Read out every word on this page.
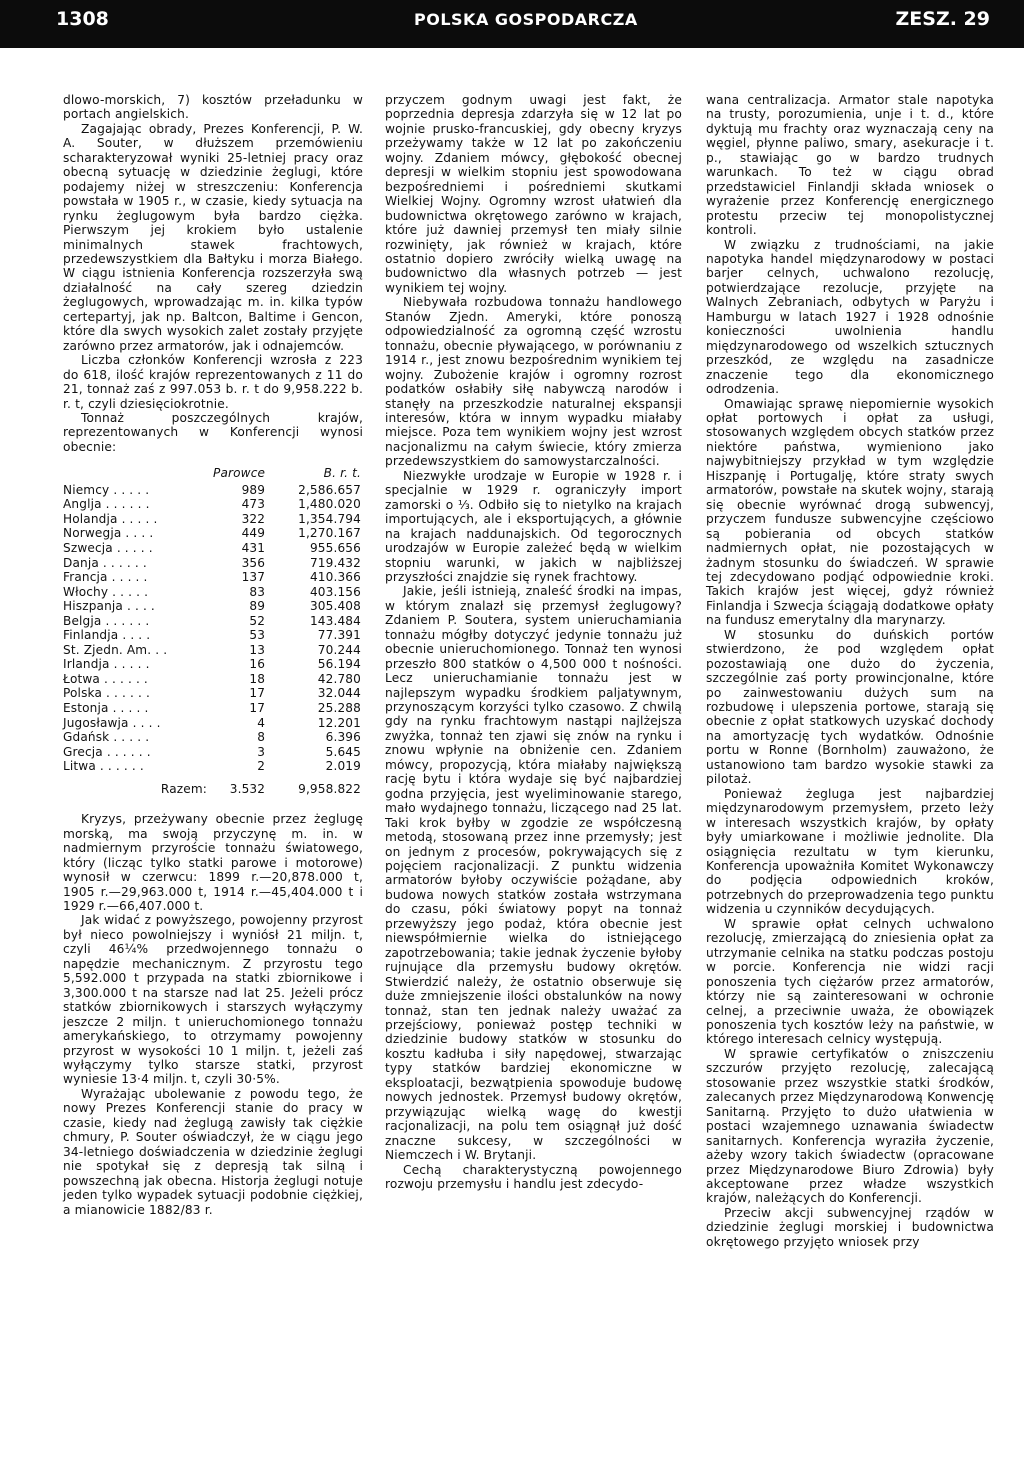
1308	POLSKA GOSPODARCZA	ZESZ. 29

dlowo-morskich, 7) kosztów przeładunku w portach angielskich.

Zagajając obrady, Prezes Konferencji, P. W. A. Souter, w dłuższem przemówieniu scharakteryzował wyniki 25-letniej pracy oraz obecną sytuację w dziedzinie żeglugi, które podajemy niżej w streszczeniu: Konferencja powstała w 1905 r., w czasie, kiedy sytuacja na rynku żeglugowym była bardzo ciężka. Pierwszym jej krokiem było ustalenie minimalnych stawek frachtowych, przedewszystkiem dla Bałtyku i morza Białego. W ciągu istnienia Konferencja rozszerzyła swą działalność na cały szereg dziedzin żeglugowych, wprowadzając m. in. kilka typów certepartyj, jak np. Baltcon, Baltime i Gencon, które dla swych wysokich zalet zostały przyjęte zarówno przez armatorów, jak i odnajemców.

Liczba członków Konferencji wzrosła z 223 do 618, ilość krajów reprezentowanych z 11 do 21, tonnaż zaś z 997.053 b. r. t do 9,958.222 b. r. t, czyli dziesięciokrotnie.

Tonnaż poszczególnych krajów, reprezentowanych w Konferencji wynosi obecnie:

	Parowce	B. r. t.
Niemcy . . . . .	989	2,586.657
Anglja . . . . . .	473	1,480.020
Holandja . . . . .	322	1,354.794
Norwegja . . . .	449	1,270.167
Szwecja . . . . .	431	955.656
Danja . . . . . .	356	719.432
Francja . . . . .	137	410.366
Włochy . . . . .	83	403.156
Hiszpanja . . . .	89	305.408
Belgja . . . . . .	52	143.484
Finlandja . . . .	53	77.391
St. Zjedn. Am. . .	13	70.244
Irlandja . . . . .	16	56.194
Łotwa . . . . . .	18	42.780
Polska . . . . . .	17	32.044
Estonja . . . . .	17	25.288
Jugosławja . . . .	4	12.201
Gdańsk . . . . .	8	6.396
Grecja . . . . . .	3	5.645
Litwa . . . . . .	2	2.019
Razem:	3.532	9,958.822

Kryzys, przeżywany obecnie przez żeglugę morską, ma swoją przyczynę m. in. w nadmiernym przyroście tonnażu światowego, który (licząc tylko statki parowe i motorowe) wynosił w czerwcu: 1899 r.—20,878.000 t, 1905 r.—29,963.000 t, 1914 r.—45,404.000 t i 1929 r.—66,407.000 t.

Jak widać z powyższego, powojenny przyrost był nieco powolniejszy i wyniósł 21 miljn. t, czyli 46¼% przedwojennego tonnażu o napędzie mechanicznym. Z przyrostu tego 5,592.000 t przypada na statki zbiornikowe i 3,300.000 t na starsze nad lat 25. Jeżeli prócz statków zbiornikowych i starszych wyłączymy jeszcze 2 miljn. t unieruchomionego tonnażu amerykańskiego, to otrzymamy powojenny przyrost w wysokości 10 1 miljn. t, jeżeli zaś wyłączymy tylko starsze statki, przyrost wyniesie 13·4 miljn. t, czyli 30·5%.

Wyrażając ubolewanie z powodu tego, że nowy Prezes Konferencji stanie do pracy w czasie, kiedy nad żeglugą zawisły tak ciężkie chmury, P. Souter oświadczył, że w ciągu jego 34-letniego doświadczenia w dziedzinie żeglugi nie spotykał się z depresją tak silną i powszechną jak obecna. Historja żeglugi notuje jeden tylko wypadek sytuacji podobnie ciężkiej, a mianowicie 1882/83 r.

przyczem godnym uwagi jest fakt, że poprzednia depresja zdarzyła się w 12 lat po wojnie prusko-francuskiej, gdy obecny kryzys przeżywamy także w 12 lat po zakończeniu wojny. Zdaniem mówcy, głębokość obecnej depresji w wielkim stopniu jest spowodowana bezpośredniemi i pośredniemi skutkami Wielkiej Wojny. Ogromny wzrost ułatwień dla budownictwa okrętowego zarówno w krajach, które już dawniej przemysł ten miały silnie rozwinięty, jak również w krajach, które ostatnio dopiero zwróciły wielką uwagę na budownictwo dla własnych potrzeb — jest wynikiem tej wojny.

Niebywała rozbudowa tonnażu handlowego Stanów Zjedn. Ameryki, które ponoszą odpowiedzialność za ogromną część wzrostu tonnażu, obecnie pływającego, w porównaniu z 1914 r., jest znowu bezpośrednim wynikiem tej wojny. Zubożenie krajów i ogromny rozrost podatków osłabiły siłę nabywczą narodów i stanęły na przeszkodzie naturalnej ekspansji interesów, która w innym wypadku miałaby miejsce. Poza tem wynikiem wojny jest wzrost nacjonalizmu na całym świecie, który zmierza przedewszystkiem do samowystarczalności.

Niezwykłe urodzaje w Europie w 1928 r. i specjalnie w 1929 r. ograniczyły import zamorski o ⅓. Odbiło się to nietylko na krajach importujących, ale i eksportujących, a głównie na krajach naddunajskich. Od tegorocznych urodzajów w Europie zależeć będą w wielkim stopniu warunki, w jakich w najbliższej przyszłości znajdzie się rynek frachtowy.

Jakie, jeśli istnieją, znaleść środki na impas, w którym znalazł się przemysł żeglugowy? Zdaniem P. Soutera, system unieruchamiania tonnażu mógłby dotyczyć jedynie tonnażu już obecnie unieruchomionego. Tonnaż ten wynosi przeszło 800 statków o 4,500 000 t nośności. Lecz unieruchamianie tonnażu jest w najlepszym wypadku środkiem paljatywnym, przynoszącym korzyści tylko czasowo. Z chwilą gdy na rynku frachtowym nastąpi najlżejsza zwyżka, tonnaż ten zjawi się znów na rynku i znowu wpłynie na obniżenie cen. Zdaniem mówcy, propozycją, która miałaby największą rację bytu i która wydaje się być najbardziej godna przyjęcia, jest wyeliminowanie starego, mało wydajnego tonnażu, liczącego nad 25 lat. Taki krok byłby w zgodzie ze współczesną metodą, stosowaną przez inne przemysły; jest on jednym z procesów, pokrywających się z pojęciem racjonalizacji. Z punktu widzenia armatorów byłoby oczywiście pożądane, aby budowa nowych statków została wstrzymana do czasu, póki światowy popyt na tonnaż przewyższy jego podaż, która obecnie jest niewspółmiernie wielka do istniejącego zapotrzebowania; takie jednak życzenie byłoby rujnujące dla przemysłu budowy okrętów. Stwierdzić należy, że ostatnio obserwuje się duże zmniejszenie ilości obstalunków na nowy tonnaż, stan ten jednak należy uważać za przejściowy, ponieważ postęp techniki w dziedzinie budowy statków w stosunku do kosztu kadłuba i siły napędowej, stwarzając typy statków bardziej ekonomiczne w eksploatacji, bezwątpienia spowoduje budowę nowych jednostek. Przemysł budowy okrętów, przywiązując wielką wagę do kwestji racjonalizacji, na polu tem osiągnął już dość znaczne sukcesy, w szczególności w Niemczech i W. Brytanji.

Cechą charakterystyczną powojennego rozwoju przemysłu i handlu jest zdecydo-

wana centralizacja. Armator stale napotyka na trusty, porozumienia, unje i t. d., które dyktują mu frachty oraz wyznaczają ceny na węgiel, płynne paliwo, smary, asekuracje i t. p., stawiając go w bardzo trudnych warunkach. To też w ciągu obrad przedstawiciel Finlandji składa wniosek o wyrażenie przez Konferencję energicznego protestu przeciw tej monopolistycznej kontroli.

W związku z trudnościami, na jakie napotyka handel międzynarodowy w postaci barjer celnych, uchwalono rezolucję, potwierdzające rezolucje, przyjęte na Walnych Zebraniach, odbytych w Paryżu i Hamburgu w latach 1927 i 1928 odnośnie konieczności uwolnienia handlu międzynarodowego od wszelkich sztucznych przeszkód, ze względu na zasadnicze znaczenie tego dla ekonomicznego odrodzenia.

Omawiając sprawę niepomiernie wysokich opłat portowych i opłat za usługi, stosowanych względem obcych statków przez niektóre państwa, wymieniono jako najwybitniejszy przykład w tym względzie Hiszpanję i Portugalję, które straty swych armatorów, powstałe na skutek wojny, starają się obecnie wyrównać drogą subwencyj, przyczem fundusze subwencyjne częściowo są pobierania od obcych statków nadmiernych opłat, nie pozostających w żadnym stosunku do świadczeń. W sprawie tej zdecydowano podjąć odpowiednie kroki. Takich krajów jest więcej, gdyż również Finlandja i Szwecja ściągają dodatkowe opłaty na fundusz emerytalny dla marynarzy.

W stosunku do duńskich portów stwierdzono, że pod względem opłat pozostawiają one dużo do życzenia, szczególnie zaś porty prowincjonalne, które po zainwestowaniu dużych sum na rozbudowę i ulepszenia portowe, starają się obecnie z opłat statkowych uzyskać dochody na amortyzację tych wydatków. Odnośnie portu w Ronne (Bornholm) zauważono, że ustanowiono tam bardzo wysokie stawki za pilotaż.

Ponieważ żegluga jest najbardziej międzynarodowym przemysłem, przeto leży w interesach wszystkich krajów, by opłaty były umiarkowane i możliwie jednolite. Dla osiągnięcia rezultatu w tym kierunku, Konferencja upoważniła Komitet Wykonawczy do podjęcia odpowiednich kroków, potrzebnych do przeprowadzenia tego punktu widzenia u czynników decydujących.

W sprawie opłat celnych uchwalono rezolucję, zmierzającą do zniesienia opłat za utrzymanie celnika na statku podczas postoju w porcie. Konferencja nie widzi racji ponoszenia tych ciężarów przez armatorów, którzy nie są zainteresowani w ochronie celnej, a przeciwnie uważa, że obowiązek ponoszenia tych kosztów leży na państwie, w którego interesach celnicy występują.

W sprawie certyfikatów o zniszczeniu szczurów przyjęto rezolucję, zalecającą stosowanie przez wszystkie statki środków, zalecanych przez Międzynarodową Konwencję Sanitarną. Przyjęto to dużo ułatwienia w postaci wzajemnego uznawania świadectw sanitarnych. Konferencja wyraziła życzenie, ażeby wzory takich świadectw (opracowane przez Międzynarodowe Biuro Zdrowia) były akceptowane przez władze wszystkich krajów, należących do Konferencji.

Przeciw akcji subwencyjnej rządów w dziedzinie żeglugi morskiej i budownictwa okrętowego przyjęto wniosek przy
